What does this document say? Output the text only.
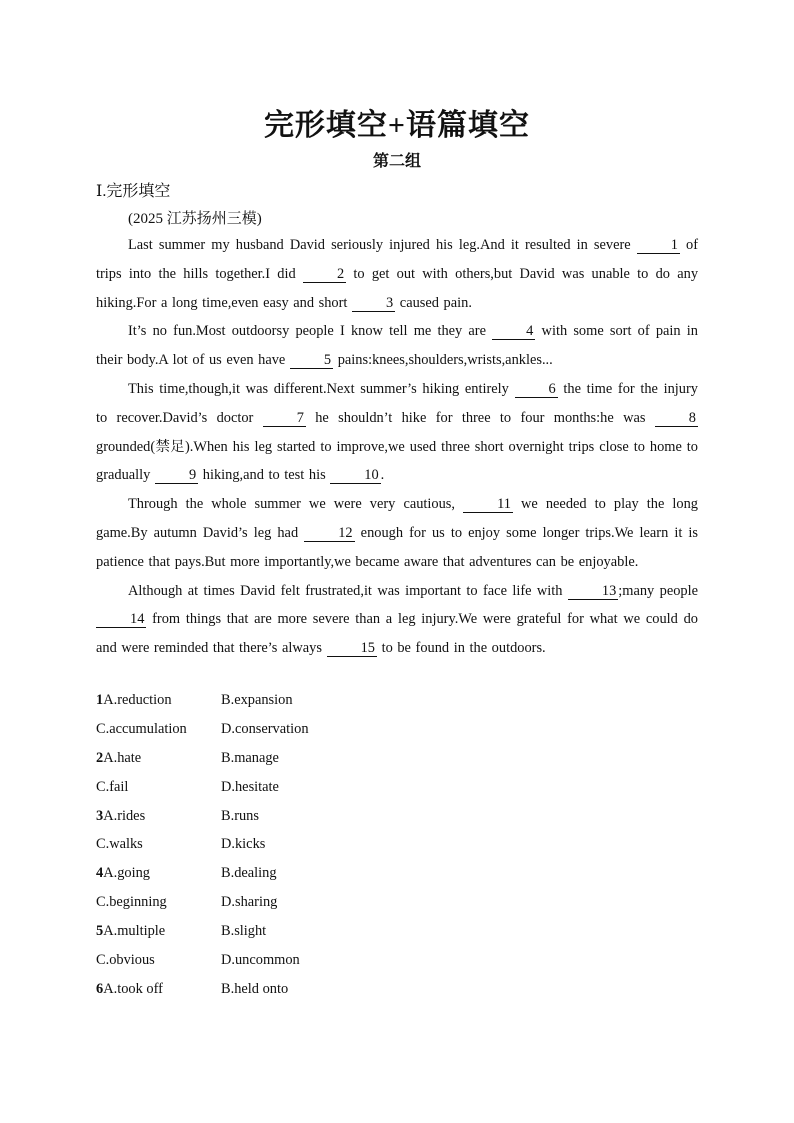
完形填空+语篇填空
第二组
Ⅰ.完形填空
(2025 江苏扬州三模)

Last summer my husband David seriously injured his leg.And it resulted in severe 1 of trips into the hills together.I did 2 to get out with others,but David was unable to do any hiking.For a long time,even easy and short 3 caused pain.

It’s no fun.Most outdoorsy people I know tell me they are 4 with some sort of pain in their body.A lot of us even have 5 pains:knees,shoulders,wrists,ankles...

This time,though,it was different.Next summer’s hiking entirely 6 the time for the injury to recover.David’s doctor 7 he shouldn’t hike for three to four months:he was 8 grounded(禁足).When his leg started to improve,we used three short overnight trips close to home to gradually 9 hiking,and to test his 10 .

Through the whole summer we were very cautious, 11 we needed to play the long game.By autumn David’s leg had 12 enough for us to enjoy some longer trips.We learn it is patience that pays.But more importantly,we became aware that adventures can be enjoyable.

Although at times David felt frustrated,it was important to face life with 13 ;many people 14 from things that are more severe than a leg injury.We were grateful for what we could do and were reminded that there’s always 15 to be found in the outdoors.

1A.reduction	B.expansion
C.accumulation	D.conservation
2A.hate	B.manage
C.fail	D.hesitate
3A.rides	B.runs
C.walks	D.kicks
4A.going	B.dealing
C.beginning	D.sharing
5A.multiple	B.slight
C.obvious	D.uncommon
6A.took off	B.held onto
